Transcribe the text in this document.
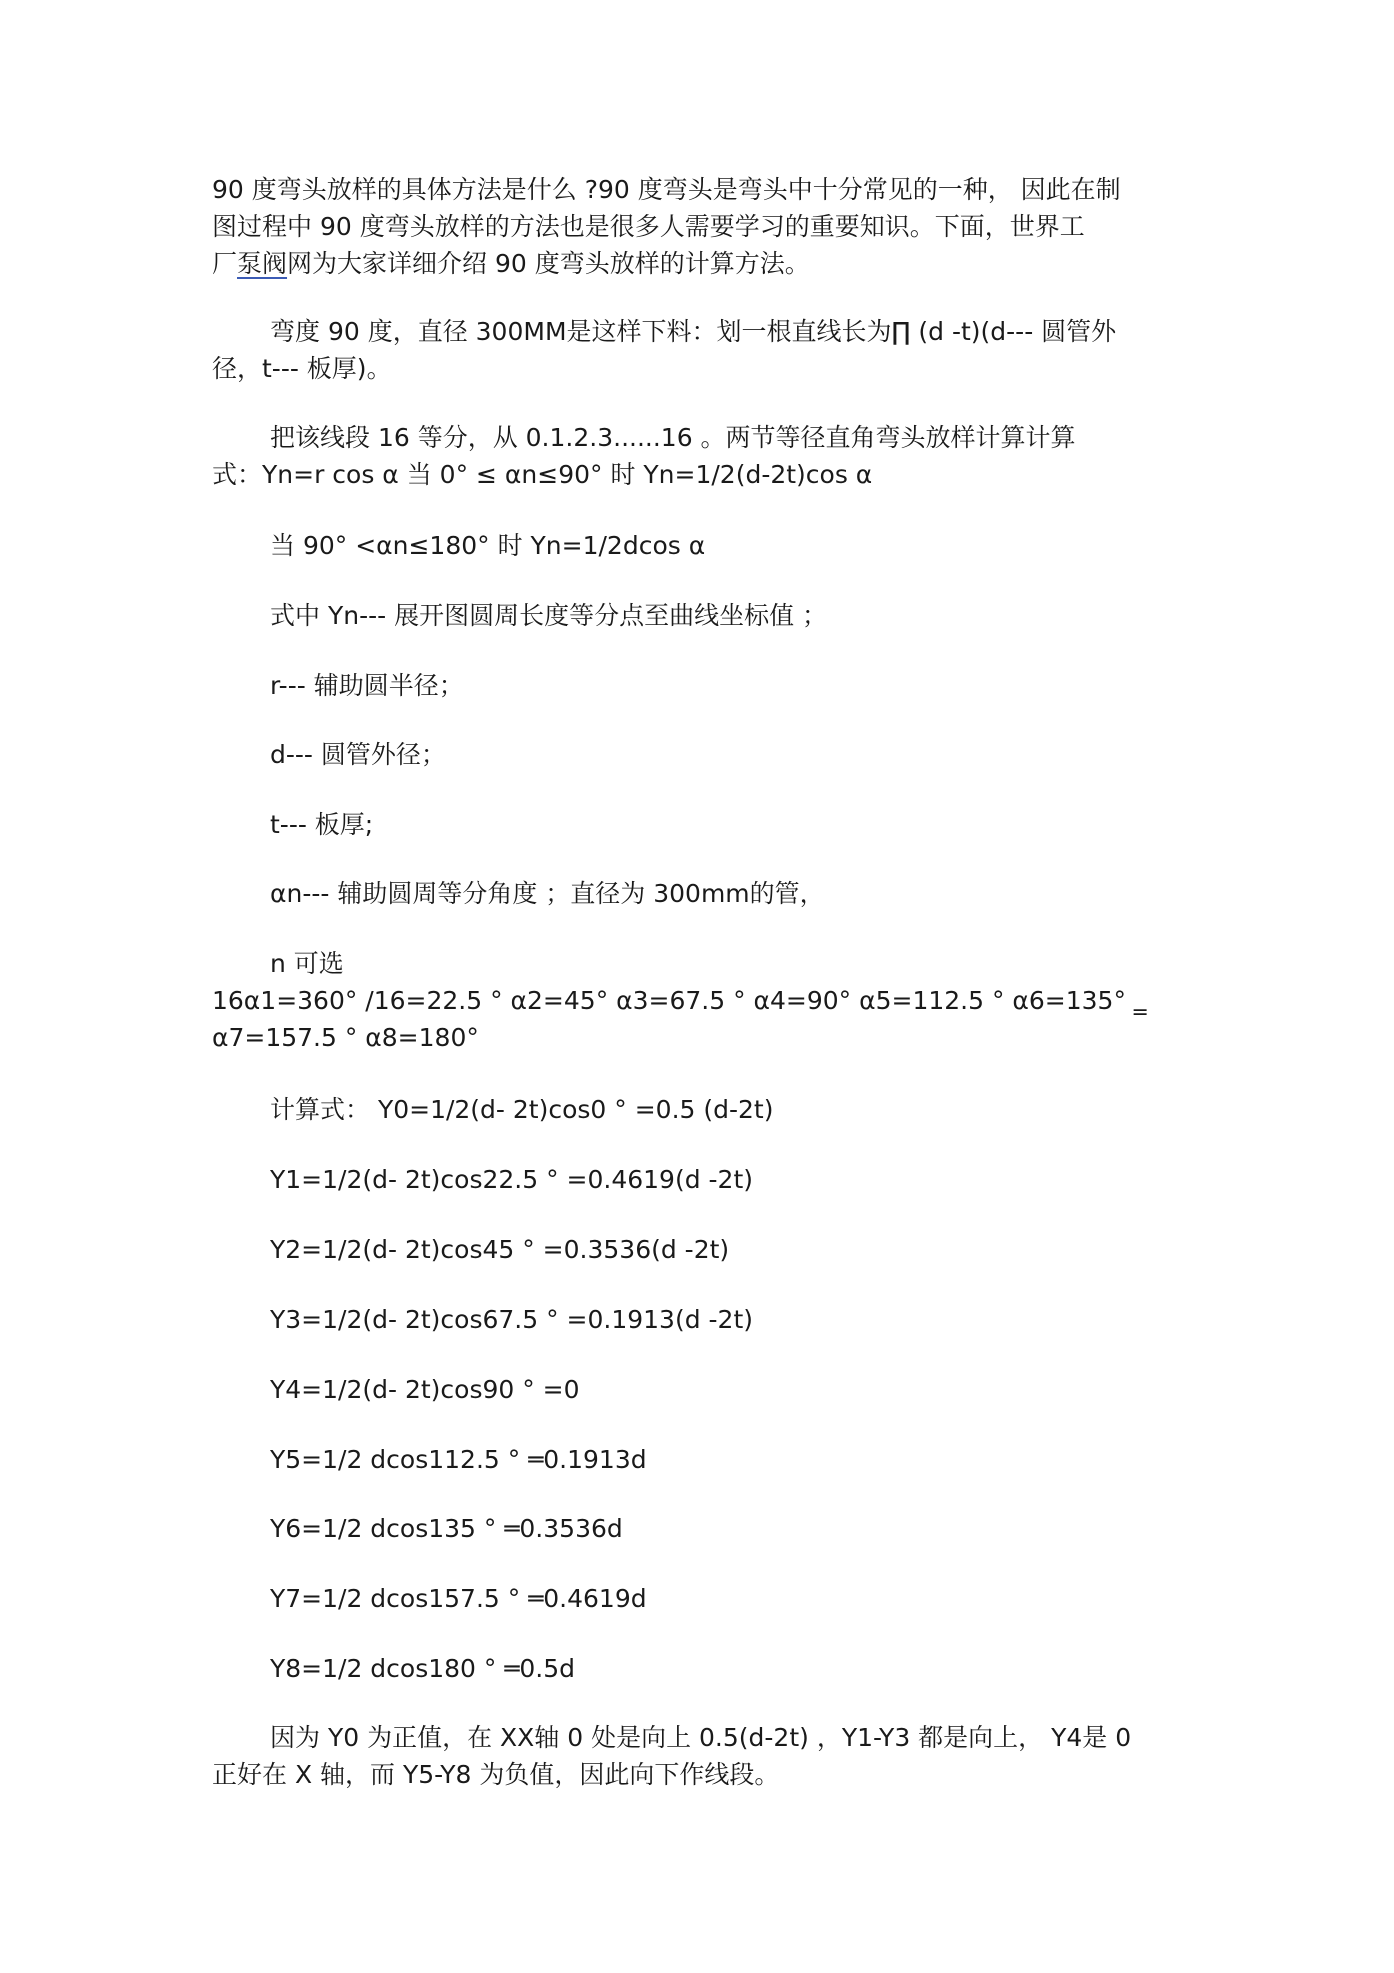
90 度弯头放样的具体方法是什么 ?90 度弯头是弯头中十分常见的一种， 因此在制

图过程中 90 度弯头放样的方法也是很多人需要学习的重要知识。下面，世界工

厂泵阀网为大家详细介绍 90 度弯头放样的计算方法。

弯度 90 度，直径 300MM是这样下料：划一根直线长为∏ (d -t)(d--- 圆管外

径，t--- 板厚)。

把该线段 16 等分，从 0.1.2.3......16 。两节等径直角弯头放样计算计算

式：Yn=r cos α 当 0° ≤ αn≤90° 时 Yn=1/2(d-2t)cos α

当 90° <αn≤180° 时 Yn=1/2dcos α

式中 Yn--- 展开图圆周长度等分点至曲线坐标值 ；

r--- 辅助圆半径；

d--- 圆管外径；

t--- 板厚;

αn--- 辅助圆周等分角度 ；直径为 300mm的管，

n 可选

16α1=360° /16=22.5 ° α2=45° α3=67.5 ° α4=90° α5=112.5 ° α6=135° ‗

α7=157.5 ° α8=180°

计算式： Y0=1/2(d- 2t)cos0 ° =0.5 (d-2t)

Y1=1/2(d- 2t)cos22.5 ° =0.4619(d -2t)

Y2=1/2(d- 2t)cos45 ° =0.3536(d -2t)

Y3=1/2(d- 2t)cos67.5 ° =0.1913(d -2t)

Y4=1/2(d- 2t)cos90 ° =0

Y5=1/2 dcos112.5 ° ═0.1913d

Y6=1/2 dcos135 ° ═0.3536d

Y7=1/2 dcos157.5 ° ═0.4619d

Y8=1/2 dcos180 ° ═0.5d

因为 Y0 为正值，在 XX轴 0 处是向上 0.5(d-2t) ，Y1-Y3 都是向上， Y4是 0

正好在 X 轴，而 Y5-Y8 为负值，因此向下作线段。
